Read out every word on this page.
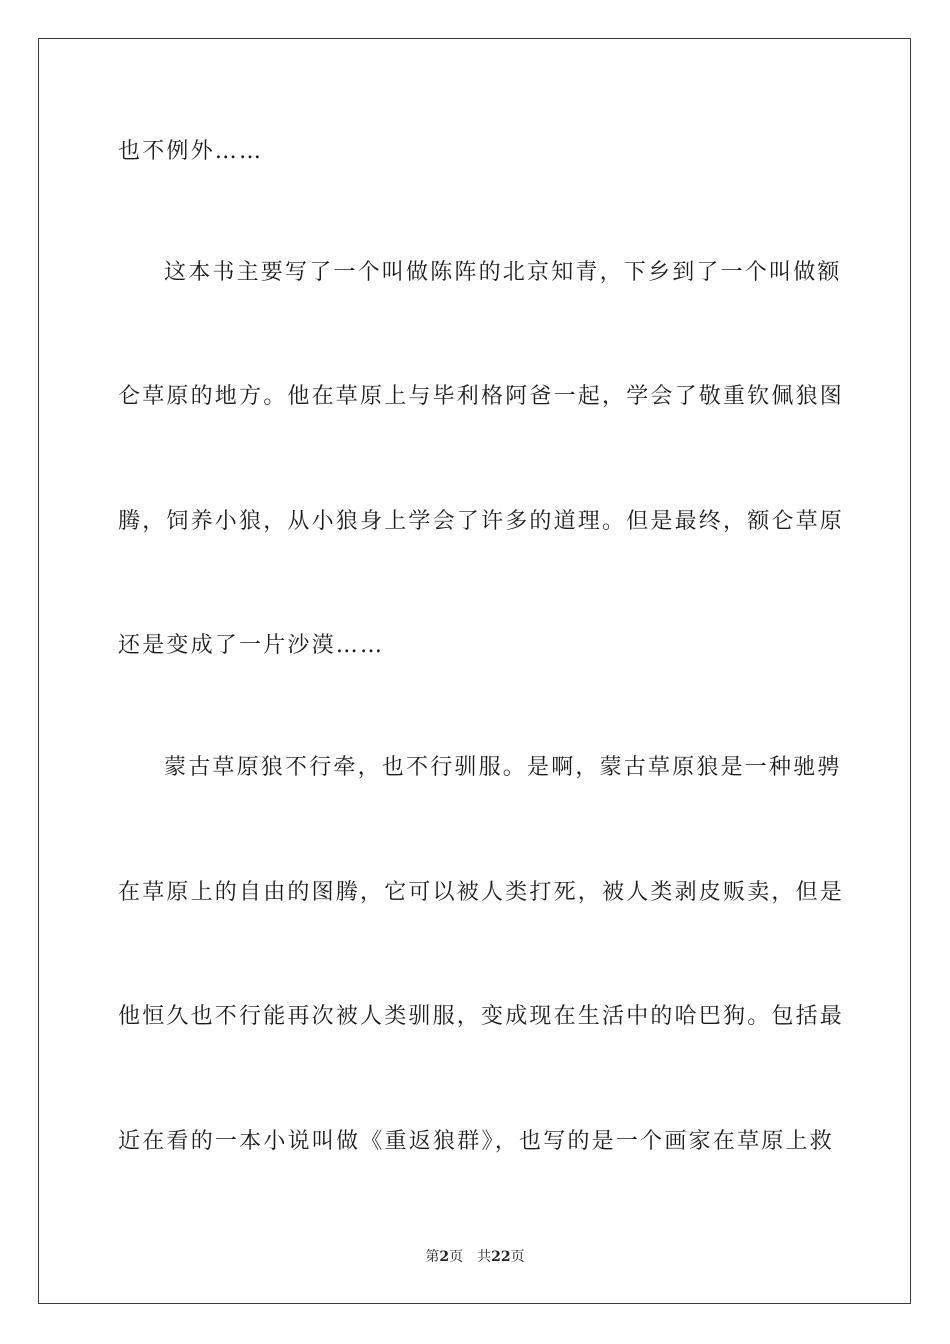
也不例外……
这本书主要写了一个叫做陈阵的北京知青，下乡到了一个叫做额
仑草原的地方。他在草原上与毕利格阿爸一起，学会了敬重钦佩狼图
腾，饲养小狼，从小狼身上学会了许多的道理。但是最终，额仑草原
还是变成了一片沙漠……
蒙古草原狼不行牵，也不行驯服。是啊，蒙古草原狼是一种驰骋
在草原上的自由的图腾，它可以被人类打死，被人类剥皮贩卖，但是
他恒久也不行能再次被人类驯服，变成现在生活中的哈巴狗。包括最
近在看的一本小说叫做《重返狼群》，也写的是一个画家在草原上救
第2页 共22页
